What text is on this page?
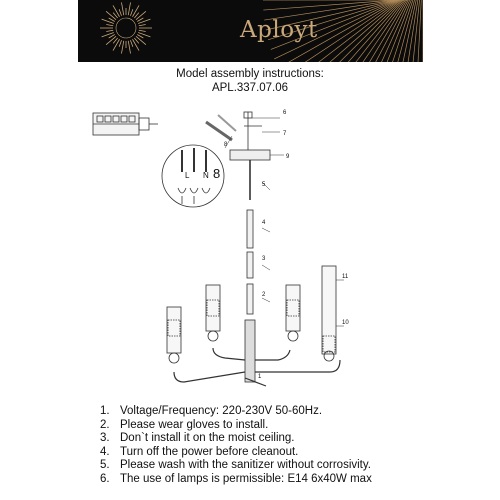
Aployt
Model assembly instructions:
APL.337.07.06
L N 8
6
7
8
9
5
4
3
2
10
11
1
1. Voltage/Frequency: 220-230V 50-60Hz.
2. Please wear gloves to install.
3. Don`t install it on the moist ceiling.
4. Turn off the power before cleanout.
5. Please wash with the sanitizer without corrosivity.
6. The use of lamps is permissible: E14 6x40W max
